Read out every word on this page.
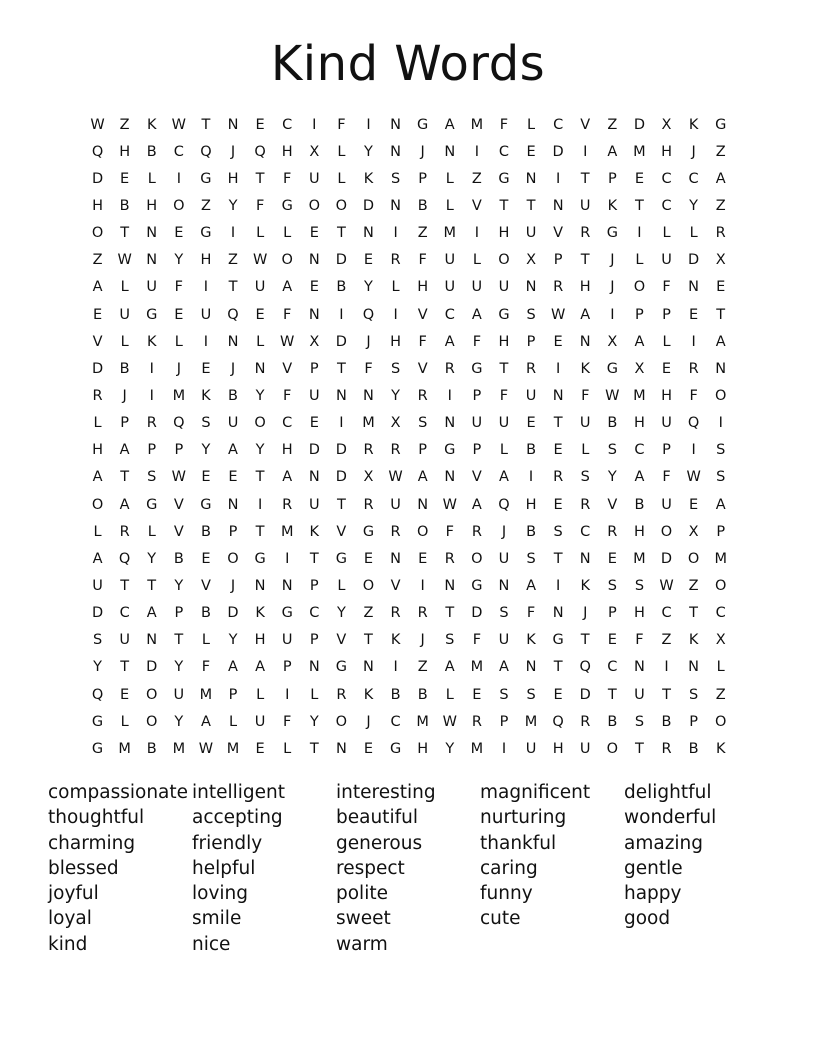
Kind Words
W	Z	K	W	T	N	E	C	I	F	I	N	G	A	M	F	L	C	V	Z	D	X	K	G
Q	H	B	C	Q	J	Q	H	X	L	Y	N	J	N	I	C	E	D	I	A	M	H	J	Z
D	E	L	I	G	H	T	F	U	L	K	S	P	L	Z	G	N	I	T	P	E	C	C	A
H	B	H	O	Z	Y	F	G	O	O	D	N	B	L	V	T	T	N	U	K	T	C	Y	Z
O	T	N	E	G	I	L	L	E	T	N	I	Z	M	I	H	U	V	R	G	I	L	L	R
Z	W N	Y	H	Z	W O	N	D	E	R	F	U	L	O	X	P	T	J	L	U	D	X
A	L	U	F	I	T	U	A	E	B	Y	L	H	U	U	U	N	R	H	J	O	F	N	E
E	U	G	E	U	Q	E	F	N	I	Q	I	V	C	A	G	S	W	A	I	P	P	E	T
V	L	K	L	I	N	L	W	X	D	J	H	F	A	F	H	P	E	N	X	A	L	I	A
D	B	I	J	E	J	N	V	P	T	F	S	V	R	G	T	R	I	K	G	X	E	R	N
R	J	I	M	K	B	Y	F	U	N	N	Y	R	I	P	F	U	N	F	W M	H	F	O
L	P	R	Q	S	U	O	C	E	I	M	X	S	N	U	U	E	T	U	B	H	U	Q	I
H	A	P	P	Y	A	Y	H	D	D	R	R	P	G	P	L	B	E	L	S	C	P	I	S
A	T	S	W	E	E	T	A	N	D	X	W	A	N	V	A	I	R	S	Y	A	F	W	S
O	A	G	V	G	N	I	R	U	T	R	U	N	W	A	Q	H	E	R	V	B	U	E	A
L	R	L	V	B	P	T	M	K	V	G	R	O	F	R	J	B	S	C	R	H	O	X	P
A	Q	Y	B	E	O	G	I	T	G	E	N	E	R	O	U	S	T	N	E	M	D	O	M
U	T	T	Y	V	J	N	N	P	L	O	V	I	N	G	N	A	I	K	S	S	W	Z	O
D	C	A	P	B	D	K	G	C	Y	Z	R	R	T	D	S	F	N	J	P	H	C	T	C
S	U	N	T	L	Y	H	U	P	V	T	K	J	S	F	U	K	G	T	E	F	Z	K	X
Y	T	D	Y	F	A	A	P	N	G	N	I	Z	A	M	A	N	T	Q	C	N	I	N	L
Q	E	O	U	M	P	L	I	L	R	K	B	B	L	E	S	S	E	D	T	U	T	S	Z
G	L	O	Y	A	L	U	F	Y	O	J	C	M W	R	P	M	Q	R	B	S	B	P	O
G	M	B	M W M	E	L	T	N	E	G	H	Y	M	I	U	H	U	O	T	R	B	K
compassionate
thoughtful
charming
blessed
joyful
loyal
kind
intelligent
accepting
friendly
helpful
loving
smile
nice
interesting
beautiful
generous
respect
polite
sweet
warm
magnificent
nurturing
thankful
caring
funny
cute
delightful
wonderful
amazing
gentle
happy
good
